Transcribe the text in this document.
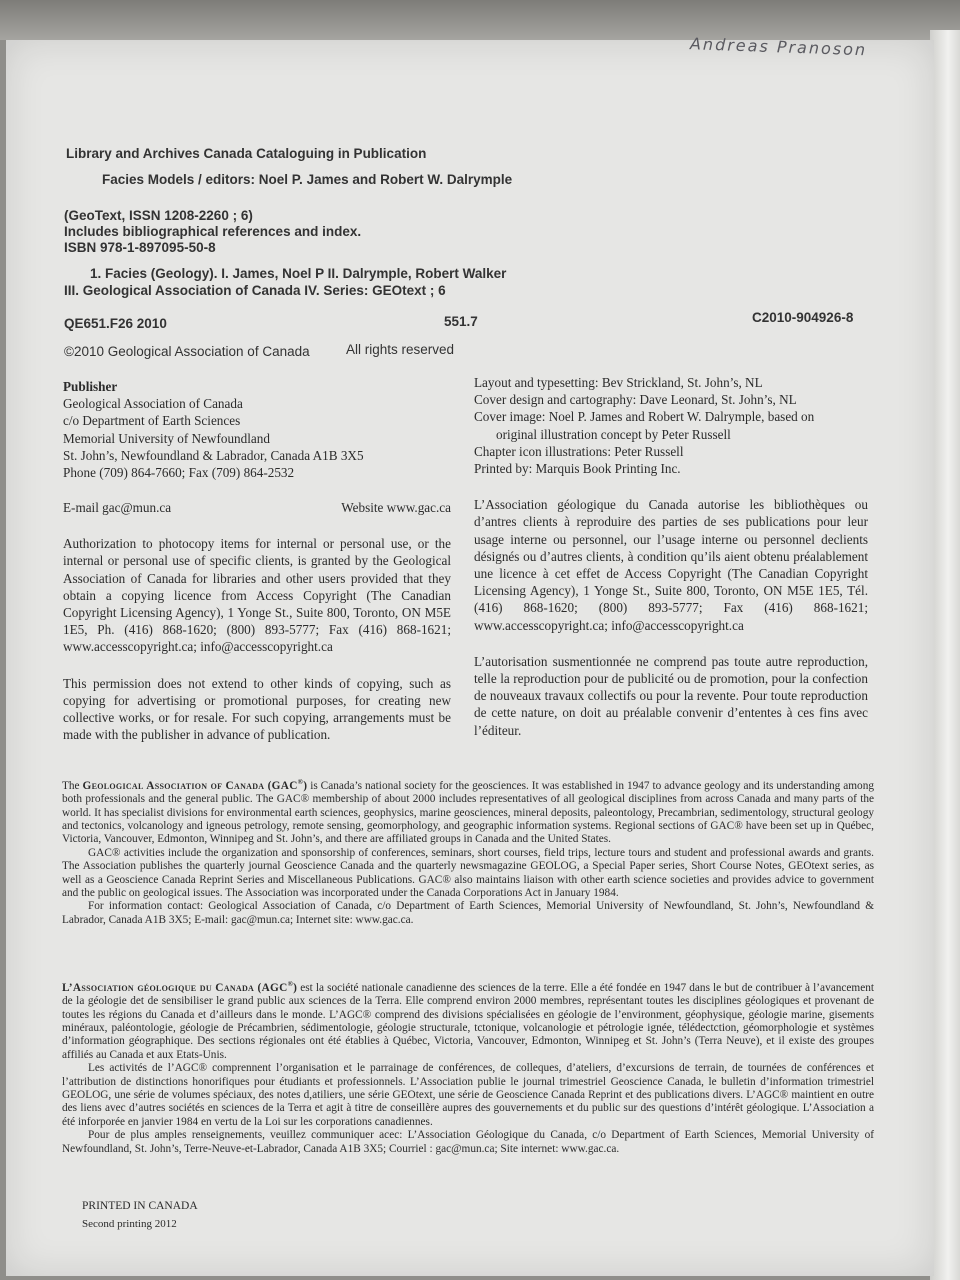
Andreas Pranoson
Library and Archives Canada Cataloguing in Publication
Facies Models / editors: Noel P. James and Robert W. Dalrymple
(GeoText, ISSN 1208-2260 ; 6)
Includes bibliographical references and index.
ISBN 978-1-897095-50-8
1. Facies (Geology). I. James, Noel P II. Dalrymple, Robert Walker
III. Geological Association of Canada IV. Series: GEOtext ; 6
QE651.F26 2010	551.7	C2010-904926-8
©2010 Geological Association of Canada	All rights reserved

Publisher

Geological Association of Canada

c/o Department of Earth Sciences

Memorial University of Newfoundland

St. John’s, Newfoundland & Labrador, Canada A1B 3X5

Phone (709) 864-7660; Fax (709) 864-2532

E-mail gac@mun.ca	Website www.gac.ca

Authorization to photocopy items for internal or personal use, or the internal or personal use of specific clients, is granted by the Geological Association of Canada for libraries and other users provided that they obtain a copying licence from Access Copyright (The Canadian Copyright Licensing Agency), 1 Yonge St., Suite 800, Toronto, ON M5E 1E5, Ph. (416) 868-1620; (800) 893-5777; Fax (416) 868-1621; www.accesscopyright.ca; info@accesscopyright.ca

This permission does not extend to other kinds of copying, such as copying for advertising or promotional purposes, for creating new collective works, or for resale. For such copying, arrangements must be made with the publisher in advance of publication.

Layout and typesetting: Bev Strickland, St. John’s, NL

Cover design and cartography: Dave Leonard, St. John’s, NL

Cover image: Noel P. James and Robert W. Dalrymple, based on

original illustration concept by Peter Russell

Chapter icon illustrations: Peter Russell

Printed by: Marquis Book Printing Inc.

L’Association géologique du Canada autorise les bibliothèques ou d’antres clients à reproduire des parties de ses publications pour leur usage interne ou personnel, our l’usage interne ou personnel declients désignés ou d’autres clients, à condition qu’ils aient obtenu préalablement une licence à cet effet de Access Copyright (The Canadian Copyright Licensing Agency), 1 Yonge St., Suite 800, Toronto, ON M5E 1E5, Tél. (416) 868-1620; (800) 893-5777; Fax (416) 868-1621; www.accesscopyright.ca; info@accesscopyright.ca

L’autorisation susmentionnée ne comprend pas toute autre reproduction, telle la reproduction pour de publicité ou de promotion, pour la confection de nouveaux travaux collectifs ou pour la revente. Pour toute reproduction de cette nature, on doit au préalable convenir d’ententes à ces fins avec l’éditeur.

The Geological Association of Canada (GAC®) is Canada’s national society for the geosciences. It was established in 1947 to advance geology and its understanding among both professionals and the general public. The GAC® membership of about 2000 includes representatives of all geological disciplines from across Canada and many parts of the world. It has specialist divisions for environmental earth sciences, geophysics, marine geosciences, mineral deposits, paleontology, Precambrian, sedimentology, structural geology and tectonics, volcanology and igneous petrology, remote sensing, geomorphology, and geographic information systems. Regional sections of GAC® have been set up in Québec, Victoria, Vancouver, Edmonton, Winnipeg and St. John’s, and there are affiliated groups in Canada and the United States.

GAC® activities include the organization and sponsorship of conferences, seminars, short courses, field trips, lecture tours and student and professional awards and grants. The Association publishes the quarterly journal Geoscience Canada and the quarterly newsmagazine GEOLOG, a Special Paper series, Short Course Notes, GEOtext series, as well as a Geoscience Canada Reprint Series and Miscellaneous Publications. GAC® also maintains liaison with other earth science societies and provides advice to government and the public on geological issues. The Association was incorporated under the Canada Corporations Act in January 1984.

For information contact: Geological Association of Canada, c/o Department of Earth Sciences, Memorial University of Newfoundland, St. John’s, Newfoundland & Labrador, Canada A1B 3X5; E-mail: gac@mun.ca; Internet site: www.gac.ca.

L’Association géologique du Canada (AGC®) est la société nationale canadienne des sciences de la terre. Elle a été fondée en 1947 dans le but de contribuer à l’avancement de la géologie det de sensibiliser le grand public aux sciences de la Terra. Elle comprend environ 2000 membres, représentant toutes les disciplines géologiques et provenant de toutes les régions du Canada et d’ailleurs dans le monde. L’AGC® comprend des divisions spécialisées en géologie de l’environment, géophysique, géologie marine, gisements minéraux, paléontologie, géologie de Précambrien, sédimentologie, géologie structurale, tctonique, volcanologie et pétrologie ignée, télédectction, géomorphologie et systèmes d’information géographique. Des sections régionales ont été établies à Québec, Victoria, Vancouver, Edmonton, Winnipeg et St. John’s (Terra Neuve), et il existe des groupes affiliés au Canada et aux Etats-Unis.

Les activités de l’AGC® comprennent l’organisation et le parrainage de conférences, de colleques, d’ateliers, d’excursions de terrain, de tournées de conférences et l’attribution de distinctions honorifiques pour étudiants et professionnels. L’Association publie le journal trimestriel Geoscience Canada, le bulletin d’information trimestriel GEOLOG, une série de volumes spéciaux, des notes d,atiliers, une série GEOtext, une série de Geoscience Canada Reprint et des publications divers. L’AGC® maintient en outre des liens avec d’autres sociétés en sciences de la Terra et agit à titre de conseillère aupres des gouvernements et du public sur des questions d’intérêt géologique. L’Association a été inforporée en janvier 1984 en vertu de la Loi sur les corporations canadiennes.

Pour de plus amples renseignements, veuillez communiquer acec: L’Association Géologique du Canada, c/o Department of Earth Sciences, Memorial University of Newfoundland, St. John’s, Terre-Neuve-et-Labrador, Canada A1B 3X5; Courriel : gac@mun.ca; Site internet: www.gac.ca.

PRINTED IN CANADA
Second printing 2012
